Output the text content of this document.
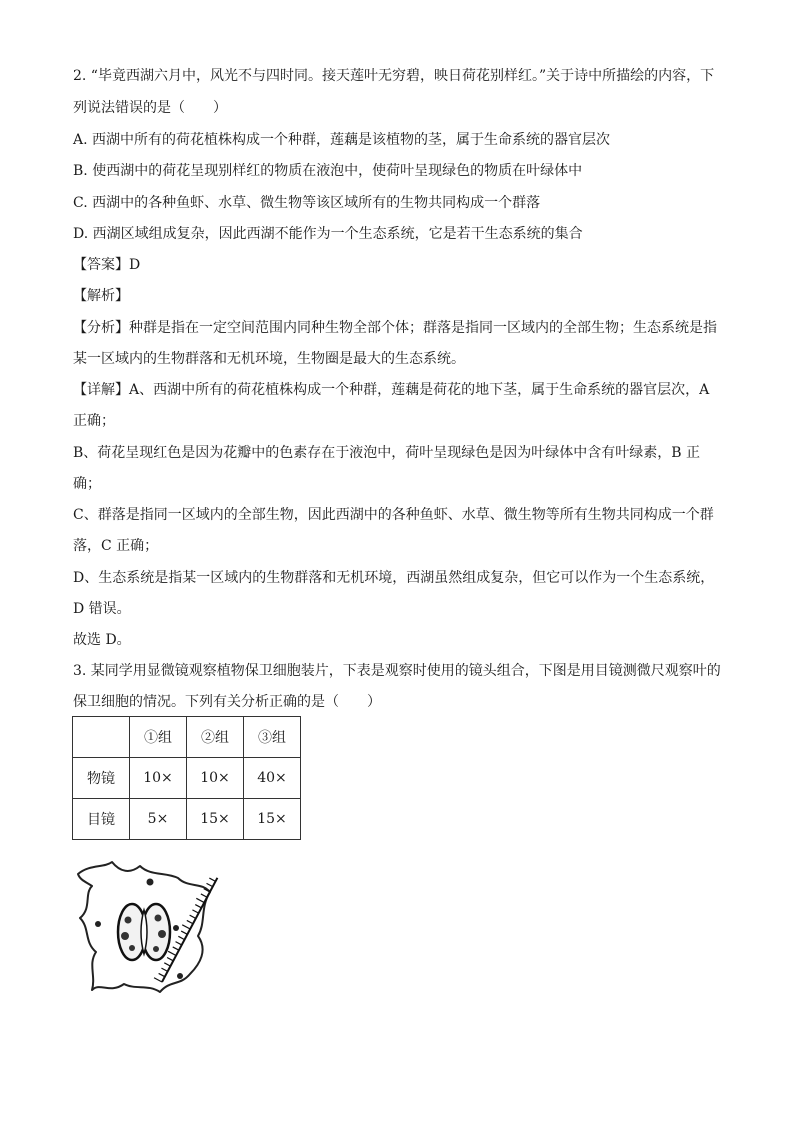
2. “毕竟西湖六月中，风光不与四时同。接天莲叶无穷碧，映日荷花别样红。”关于诗中所描绘的内容，下
列说法错误的是（　　）
A. 西湖中所有的荷花植株构成一个种群，莲藕是该植物的茎，属于生命系统的器官层次
B. 使西湖中的荷花呈现别样红的物质在液泡中，使荷叶呈现绿色的物质在叶绿体中
C. 西湖中的各种鱼虾、水草、微生物等该区域所有的生物共同构成一个群落
D. 西湖区域组成复杂，因此西湖不能作为一个生态系统，它是若干生态系统的集合
【答案】D
【解析】
【分析】种群是指在一定空间范围内同种生物全部个体；群落是指同一区域内的全部生物；生态系统是指
某一区域内的生物群落和无机环境，生物圈是最大的生态系统。
【详解】A、西湖中所有的荷花植株构成一个种群，莲藕是荷花的地下茎，属于生命系统的器官层次，A
正确；
B、荷花呈现红色是因为花瓣中的色素存在于液泡中，荷叶呈现绿色是因为叶绿体中含有叶绿素，B 正
确；
C、群落是指同一区域内的全部生物，因此西湖中的各种鱼虾、水草、微生物等所有生物共同构成一个群
落，C 正确；
D、生态系统是指某一区域内的生物群落和无机环境，西湖虽然组成复杂，但它可以作为一个生态系统，
D 错误。
故选 D。
3. 某同学用显微镜观察植物保卫细胞装片，下表是观察时使用的镜头组合，下图是用目镜测微尺观察叶的
保卫细胞的情况。下列有关分析正确的是（　　）
	①组	②组	③组
物镜	10×	10×	40×
目镜	5×	15×	15×
